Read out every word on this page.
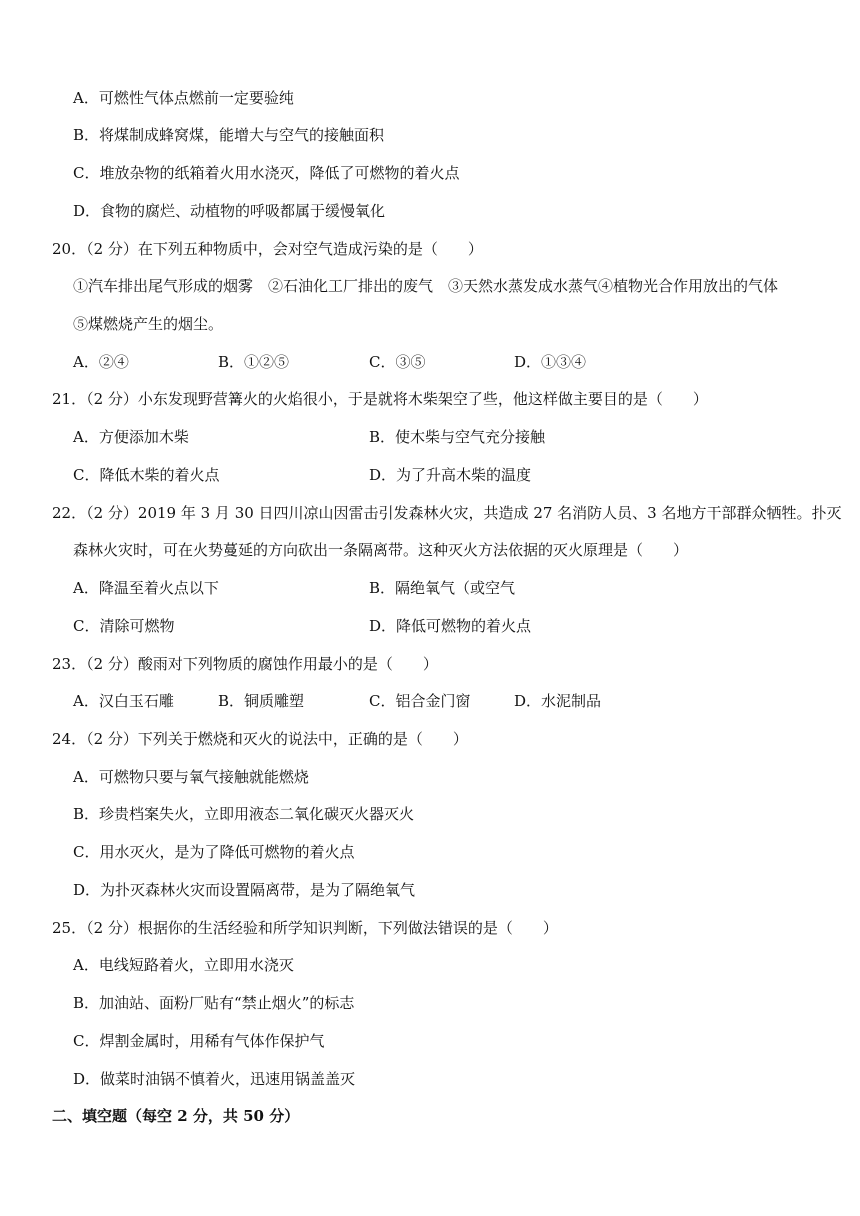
A．可燃性气体点燃前一定要验纯
B．将煤制成蜂窝煤，能增大与空气的接触面积
C．堆放杂物的纸箱着火用水浇灭，降低了可燃物的着火点
D．食物的腐烂、动植物的呼吸都属于缓慢氧化
20．（2 分）在下列五种物质中，会对空气造成污染的是（　　）
①汽车排出尾气形成的烟雾　②石油化工厂排出的废气　③天然水蒸发成水蒸气④植物光合作用放出的气体
⑤煤燃烧产生的烟尘。
A．②④	B．①②⑤	C．③⑤	D．①③④
21．（2 分）小东发现野营篝火的火焰很小，于是就将木柴架空了些，他这样做主要目的是（　　）
A．方便添加木柴	B．使木柴与空气充分接触
C．降低木柴的着火点	D．为了升高木柴的温度
22．（2 分）2019 年 3 月 30 日四川凉山因雷击引发森林火灾，共造成 27 名消防人员、3 名地方干部群众牺牲。扑灭
森林火灾时，可在火势蔓延的方向砍出一条隔离带。这种灭火方法依据的灭火原理是（　　）
A．降温至着火点以下	B．隔绝氧气（或空气
C．清除可燃物	D．降低可燃物的着火点
23．（2 分）酸雨对下列物质的腐蚀作用最小的是（　　）
A．汉白玉石雕	B．铜质雕塑	C．铝合金门窗	D．水泥制品
24．（2 分）下列关于燃烧和灭火的说法中，正确的是（　　）
A．可燃物只要与氧气接触就能燃烧
B．珍贵档案失火，立即用液态二氧化碳灭火器灭火
C．用水灭火，是为了降低可燃物的着火点
D．为扑灭森林火灾而设置隔离带，是为了隔绝氧气
25．（2 分）根据你的生活经验和所学知识判断，下列做法错误的是（　　）
A．电线短路着火，立即用水浇灭
B．加油站、面粉厂贴有“禁止烟火”的标志
C．焊割金属时，用稀有气体作保护气
D．做菜时油锅不慎着火，迅速用锅盖盖灭
二、填空题（每空 2 分，共 50 分）
